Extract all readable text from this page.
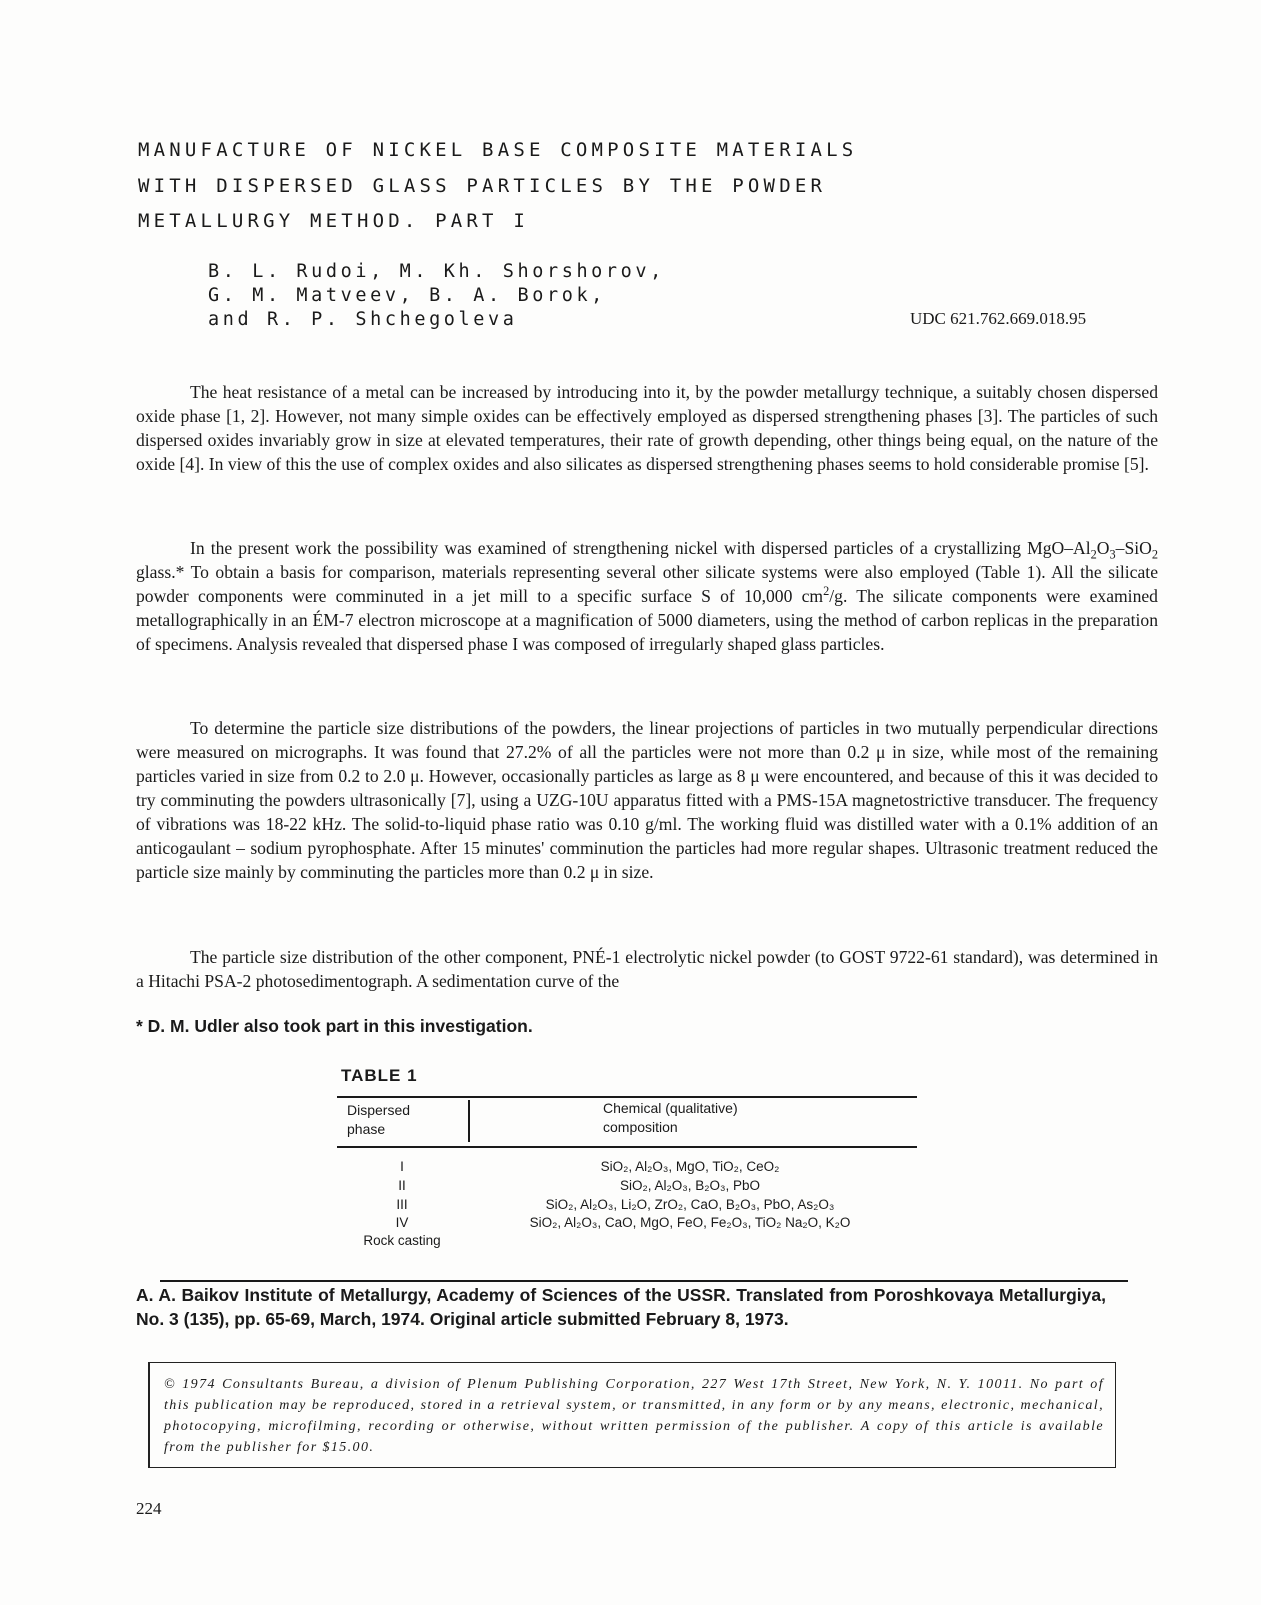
MANUFACTURE OF NICKEL BASE COMPOSITE MATERIALS
WITH DISPERSED GLASS PARTICLES BY THE POWDER
METALLURGY METHOD. PART I
B. L. Rudoi, M. Kh. Shorshorov,
G. M. Matveev, B. A. Borok,
and R. P. Shchegoleva	UDC 621.762.669.018.95

The heat resistance of a metal can be increased by introducing into it, by the powder metallurgy technique, a suitably chosen dispersed oxide phase [1, 2]. However, not many simple oxides can be effectively employed as dispersed strengthening phases [3]. The particles of such dispersed oxides invariably grow in size at elevated temperatures, their rate of growth depending, other things being equal, on the nature of the oxide [4]. In view of this the use of complex oxides and also silicates as dispersed strengthening phases seems to hold considerable promise [5].

In the present work the possibility was examined of strengthening nickel with dispersed particles of a crystallizing MgO–$Al_2O_3-SiO_2$ glass.* To obtain a basis for comparison, materials representing several other silicate systems were also employed (Table 1). All the silicate powder components were comminuted in a jet mill to a specific surface S of 10,000 $cm^2/g$. The silicate components were examined metallographically in an ÉM-7 electron microscope at a magnification of 5000 diameters, using the method of carbon replicas in the preparation of specimens. Analysis revealed that dispersed phase I was composed of irregularly shaped glass particles.

To determine the particle size distributions of the powders, the linear projections of particles in two mutually perpendicular directions were measured on micrographs. It was found that 27.2% of all the particles were not more than 0.2 μ in size, while most of the remaining particles varied in size from 0.2 to 2.0 μ. However, occasionally particles as large as 8 μ were encountered, and because of this it was decided to try comminuting the powders ultrasonically [7], using a UZG-10U apparatus fitted with a PMS-15A magnetostrictive transducer. The frequency of vibrations was 18-22 kHz. The solid-to-liquid phase ratio was 0.10 g/ml. The working fluid was distilled water with a 0.1% addition of an anticogaulant – sodium pyrophosphate. After 15 minutes' comminution the particles had more regular shapes. Ultrasonic treatment reduced the particle size mainly by comminuting the particles more than 0.2 μ in size.

The particle size distribution of the other component, PNÉ-1 electrolytic nickel powder (to GOST 9722-61 standard), was determined in a Hitachi PSA-2 photosedimentograph. A sedimentation curve of the

* D. M. Udler also took part in this investigation.
TABLE 1
Dispersed
phase
Chemical (qualitative)
composition
I	SiO₂, Al₂O₃, MgO, TiO₂, CeO₂
II	SiO₂, Al₂O₃, B₂O₃, PbO
III	SiO₂, Al₂O₃, Li₂O, ZrO₂, CaO, B₂O₃, PbO, As₂O₃
IV	SiO₂, Al₂O₃, CaO, MgO, FeO, Fe₂O₃, TiO₂ Na₂O, K₂O
Rock casting
A. A. Baikov Institute of Metallurgy, Academy of Sciences of the USSR. Translated from Poroshkovaya Metallurgiya, No. 3 (135), pp. 65-69, March, 1974. Original article submitted February 8, 1973.
© 1974 Consultants Bureau, a division of Plenum Publishing Corporation, 227 West 17th Street, New York, N. Y. 10011. No part of this publication may be reproduced, stored in a retrieval system, or transmitted, in any form or by any means, electronic, mechanical, photocopying, microfilming, recording or otherwise, without written permission of the publisher. A copy of this article is available from the publisher for $15.00.
224
